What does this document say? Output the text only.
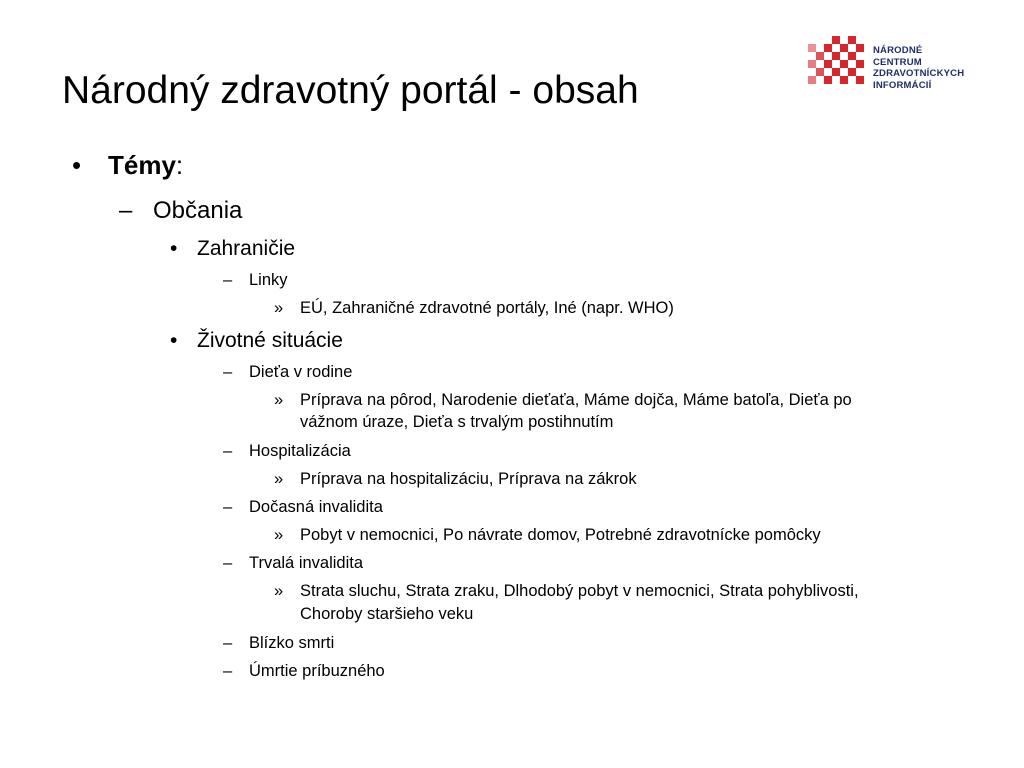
Národný zdravotný portál - obsah
NÁRODNÉ
CENTRUM
ZDRAVOTNÍCKYCH
INFORMÁCIÍ
• Témy:
– Občania
• Zahraničie
– Linky
» EÚ, Zahraničné zdravotné portály, Iné (napr. WHO)
• Životné situácie
– Dieťa v rodine
» Príprava na pôrod, Narodenie dieťaťa, Máme dojča, Máme batoľa, Dieťa po
vážnom úraze, Dieťa s trvalým postihnutím
– Hospitalizácia
» Príprava na hospitalizáciu, Príprava na zákrok
– Dočasná invalidita
» Pobyt v nemocnici, Po návrate domov, Potrebné zdravotnícke pomôcky
– Trvalá invalidita
» Strata sluchu, Strata zraku, Dlhodobý pobyt v nemocnici, Strata pohyblivosti,
Choroby staršieho veku
– Blízko smrti
– Úmrtie príbuzného
